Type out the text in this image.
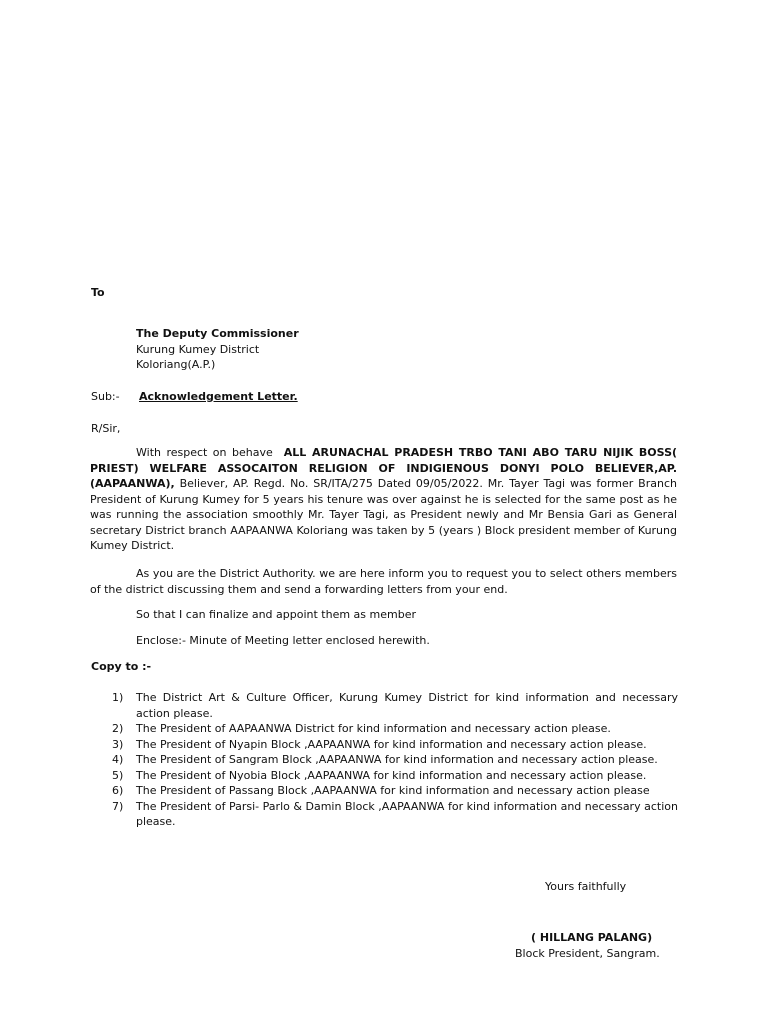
To
The Deputy Commissioner
Kurung Kumey District
Koloriang(A.P.)
Sub:- Acknowledgement Letter.
R/Sir,
With respect on behave ALL ARUNACHAL PRADESH TRBO TANI ABO TARU NIJIK BOSS( PRIEST) WELFARE ASSOCAITON RELIGION OF INDIGIENOUS DONYI POLO BELIEVER,AP. (AAPAANWA), Believer, AP. Regd. No. SR/ITA/275 Dated 09/05/2022. Mr. Tayer Tagi was former Branch President of Kurung Kumey for 5 years his tenure was over against he is selected for the same post as he was running the association smoothly Mr. Tayer Tagi, as President newly and Mr Bensia Gari as General secretary District branch AAPAANWA Koloriang was taken by 5 (years ) Block president member of Kurung Kumey District.
As you are the District Authority. we are here inform you to request you to select others members of the district discussing them and send a forwarding letters from your end.
So that I can finalize and appoint them as member
Enclose:- Minute of Meeting letter enclosed herewith.
Copy to :-
1) The District Art & Culture Officer, Kurung Kumey District for kind information and necessary action please.
2) The President of AAPAANWA District for kind information and necessary action please.
3) The President of Nyapin Block ,AAPAANWA for kind information and necessary action please.
4) The President of Sangram Block ,AAPAANWA for kind information and necessary action please.
5) The President of Nyobia Block ,AAPAANWA for kind information and necessary action please.
6) The President of Passang Block ,AAPAANWA for kind information and necessary action please
7) The President of Parsi- Parlo & Damin Block ,AAPAANWA for kind information and necessary action please.
Yours faithfully
( HILLANG PALANG)
Block President, Sangram.
